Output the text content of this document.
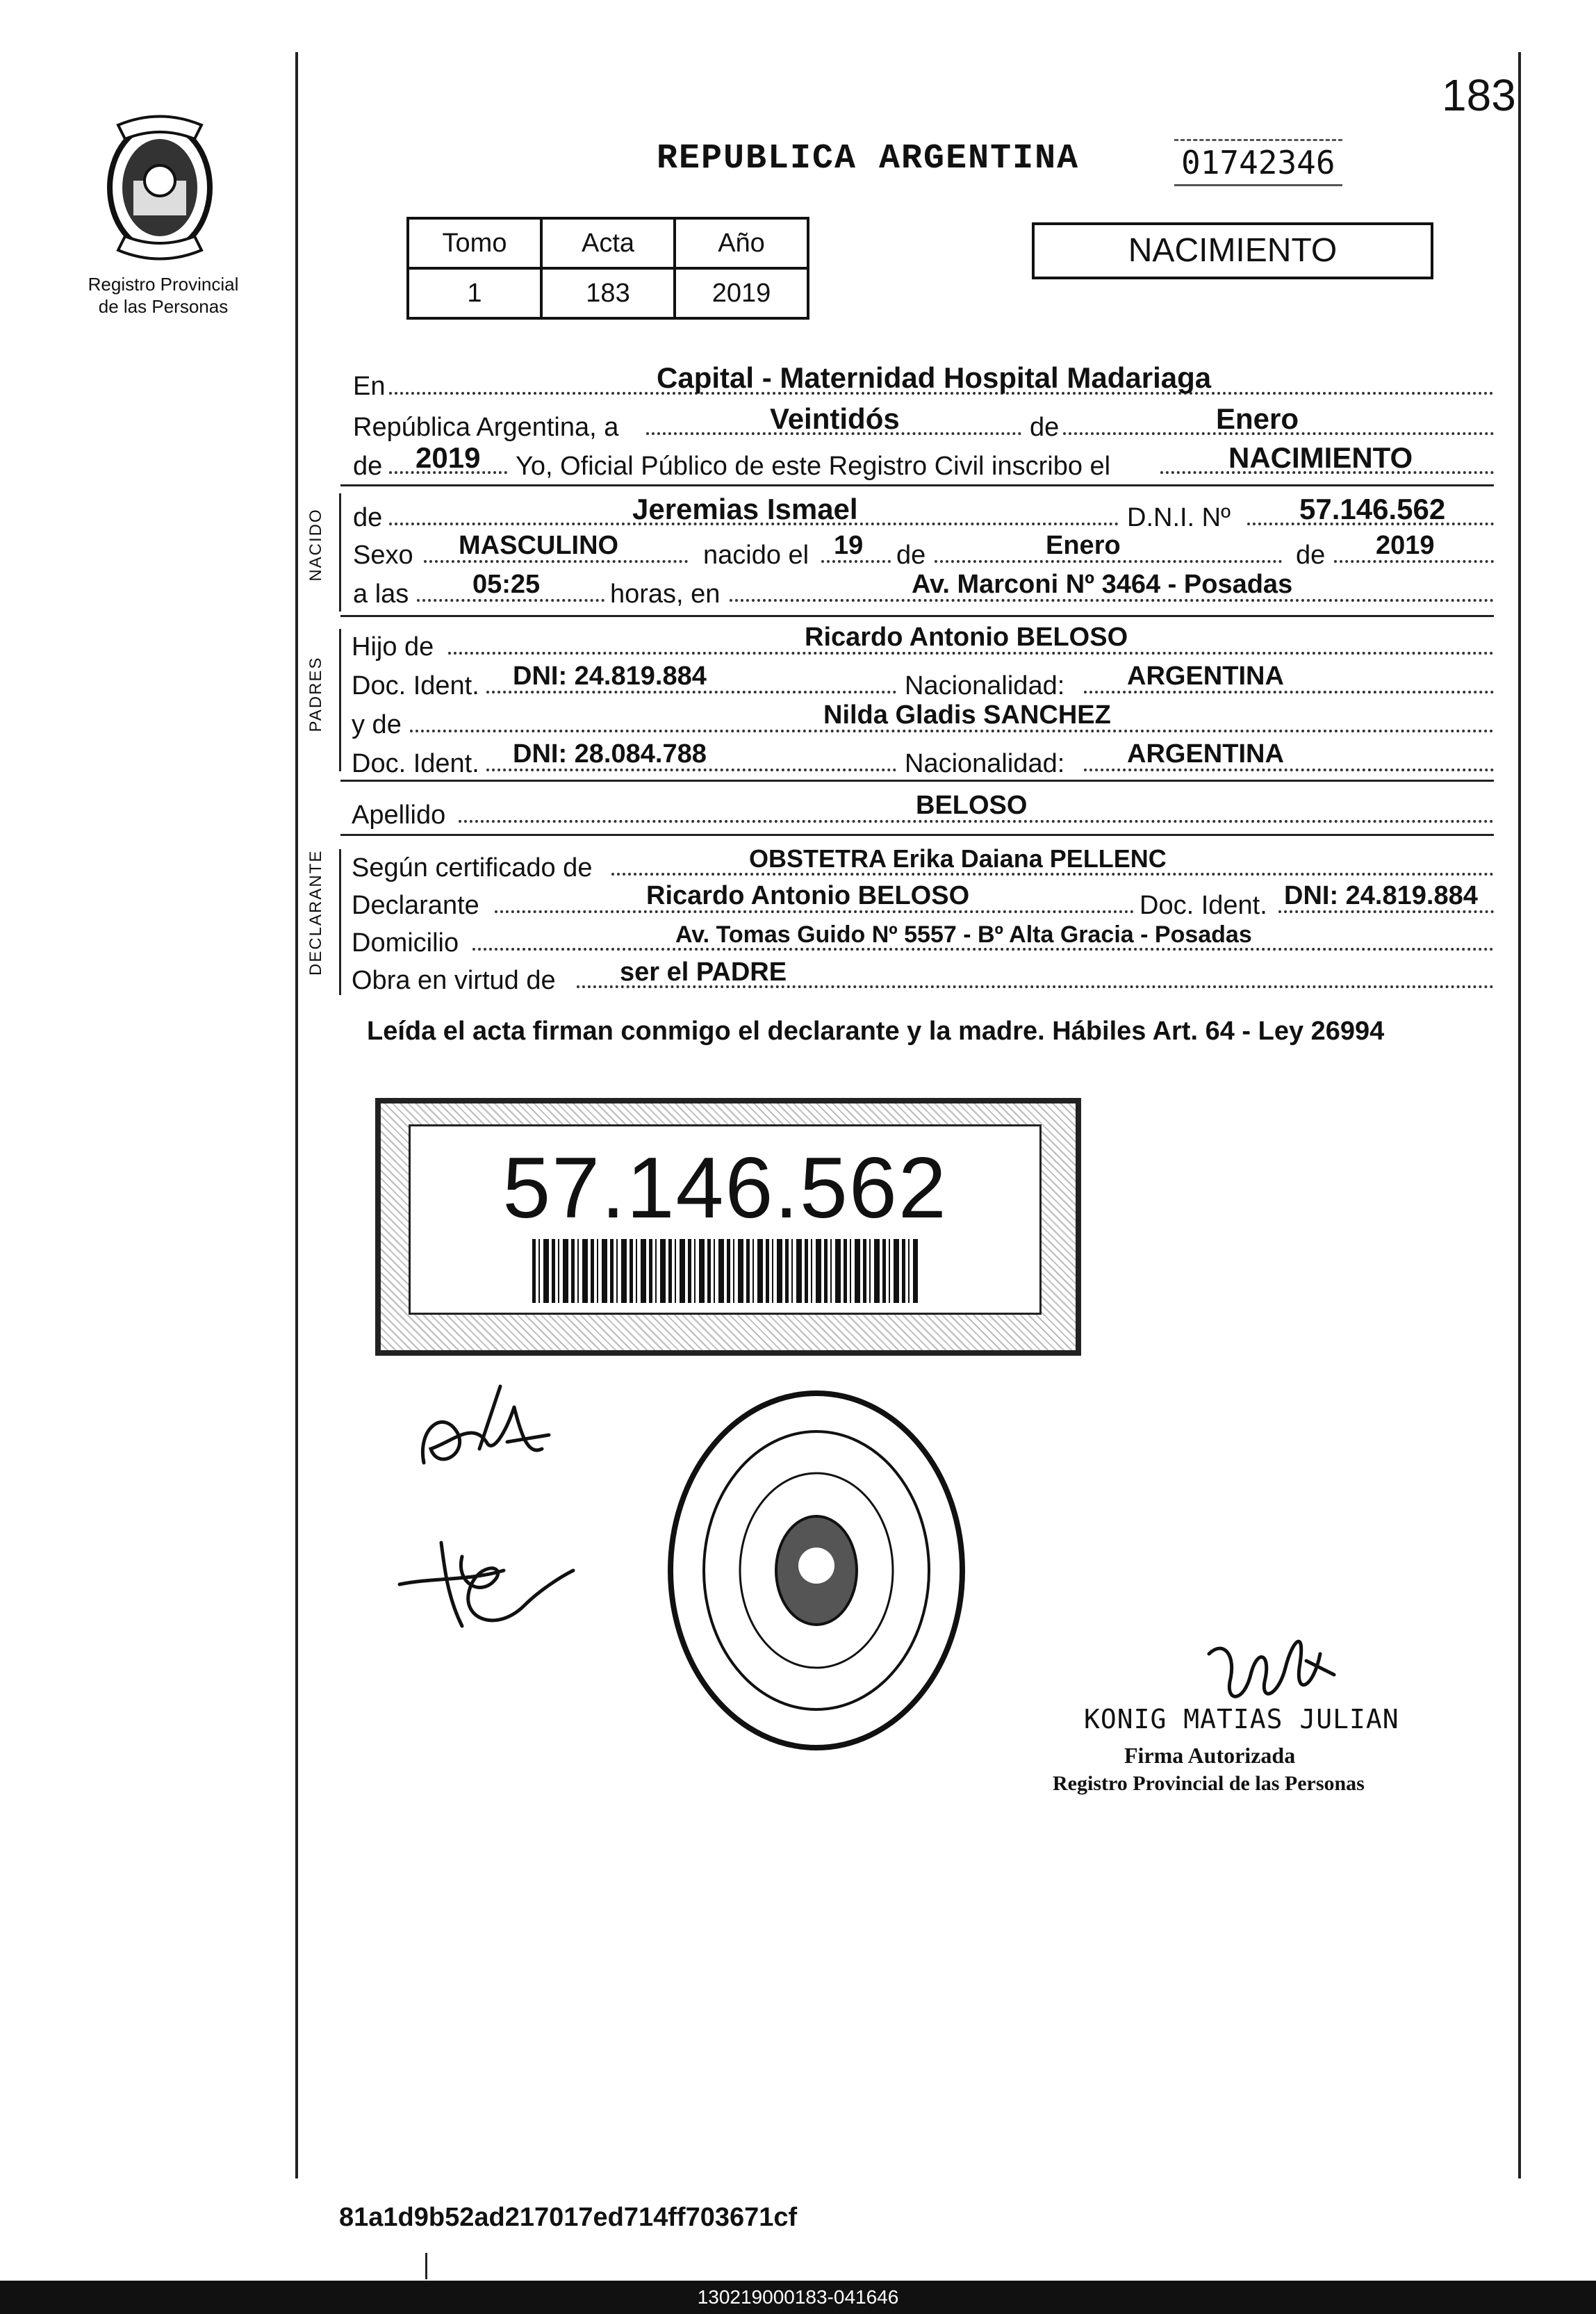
183
Registro Provincial
de las Personas
REPUBLICA ARGENTINA	01742346
NACIMIENTO
Tomo	Acta	Año
1	183	2019
En	Capital - Maternidad Hospital Madariaga
República Argentina, a	Veintidós	de	Enero
de 2019 Yo, Oficial Público de este Registro Civil inscribo el	NACIMIENTO
NACIDO de	Jeremias Ismael	D.N.I. Nº 57.146.562
Sexo MASCULINO	nacido el 19 de	Enero	de 2019
a las 05:25	horas, en	Av. Marconi Nº 3464 - Posadas
PADRES
Hijo de	Ricardo Antonio BELOSO
Doc. Ident. DNI: 24.819.884	Nacionalidad: ARGENTINA
y de	Nilda Gladis SANCHEZ
Doc. Ident. DNI: 28.084.788	Nacionalidad: ARGENTINA
Apellido	BELOSO
DECLARANTE Según certificado de	OBSTETRA Erika Daiana PELLENC
Declarante	Ricardo Antonio BELOSO	Doc. Ident. DNI: 24.819.884
Domicilio	Av. Tomas Guido Nº 5557 - Bº Alta Gracia - Posadas
Obra en virtud de ser el PADRE
Leída el acta firman conmigo el declarante y la madre. Hábiles Art. 64 - Ley 26994
57.146.562
KONIG MATIAS JULIAN
Firma Autorizada
Registro Provincial de las Personas
81a1d9b52ad217017ed714ff703671cf
130219000183-041646
